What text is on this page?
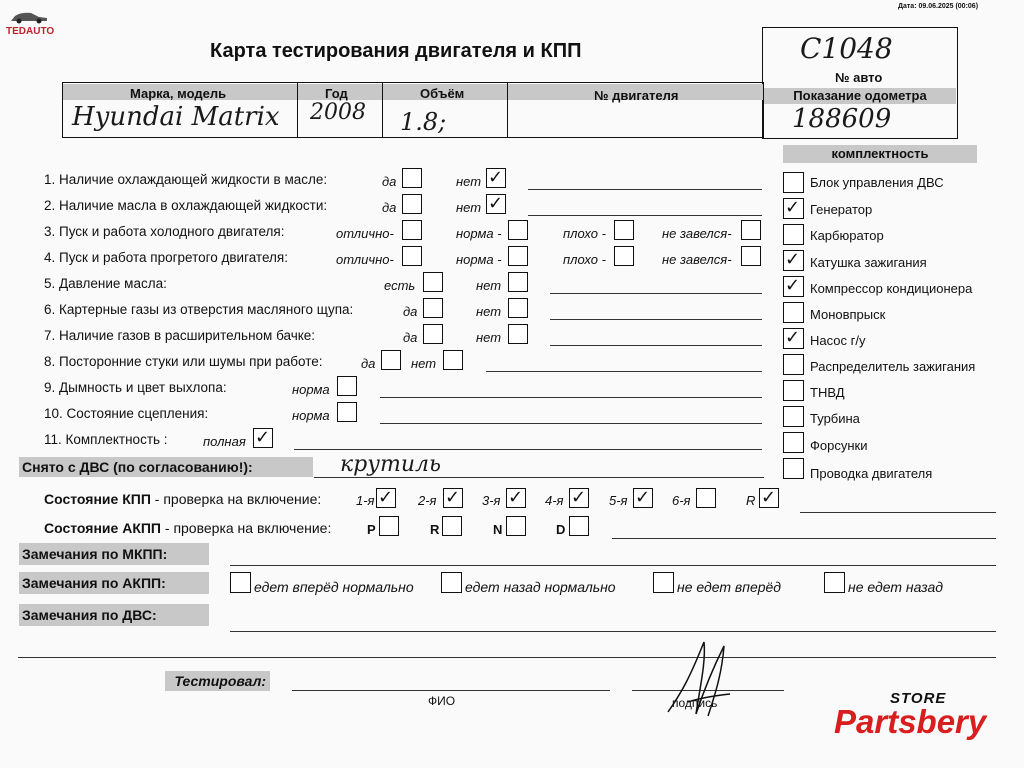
TEDAUTO
Дата: 09.06.2025 (00:06)
Карта тестирования двигателя и КПП	C1048
№ авто
Показание одометра
188609
Марка, модель	Год	Объём	№ двигателя
Hyundai Matrix 2008 1.8;
комплектность
Блок управления ДВС
✓ Генератор
Карбюратор
✓ Катушка зажигания
✓ Компрессор кондиционера
Моновпрыск
✓ Насос г/у
Распределитель зажигания
ТНВД
Турбина
Форсунки
Проводка двигателя
1. Наличие охлаждающей жидкости в масле:	да	нет ✓
2. Наличие масла в охлаждающей жидкости:	да	нет ✓
3. Пуск и работа холодного двигателя:	отлично-	норма -	плохо -	не завелся-
4. Пуск и работа прогретого двигателя:	отлично-	норма -	плохо -	не завелся-
5. Давление масла:	есть	нет
6. Картерные газы из отверстия масляного щупа:	да	нет
7. Наличие газов в расширительном бачке:	да	нет
8. Посторонние стуки или шумы при работе:	да	нет
9. Дымность и цвет выхлопа:	норма
10. Состояние сцепления:	норма
11. Комплектность :	полная ✓
Снято с ДВС (по согласованию!):	крутиль
Состояние КПП - проверка на включение:	1-я ✓ 2-я ✓ 3-я ✓ 4-я ✓ 5-я ✓ 6-я	R ✓
Состояние АКПП - проверка на включение:	P	R	N	D
Замечания по МКПП:
Замечания по АКПП:	едет вперёд нормально	едет назад нормально	не едет вперёд	не едет назад
Замечания по ДВС:
Тестировал:
ФИО	подпись	STORE
Partsbery
